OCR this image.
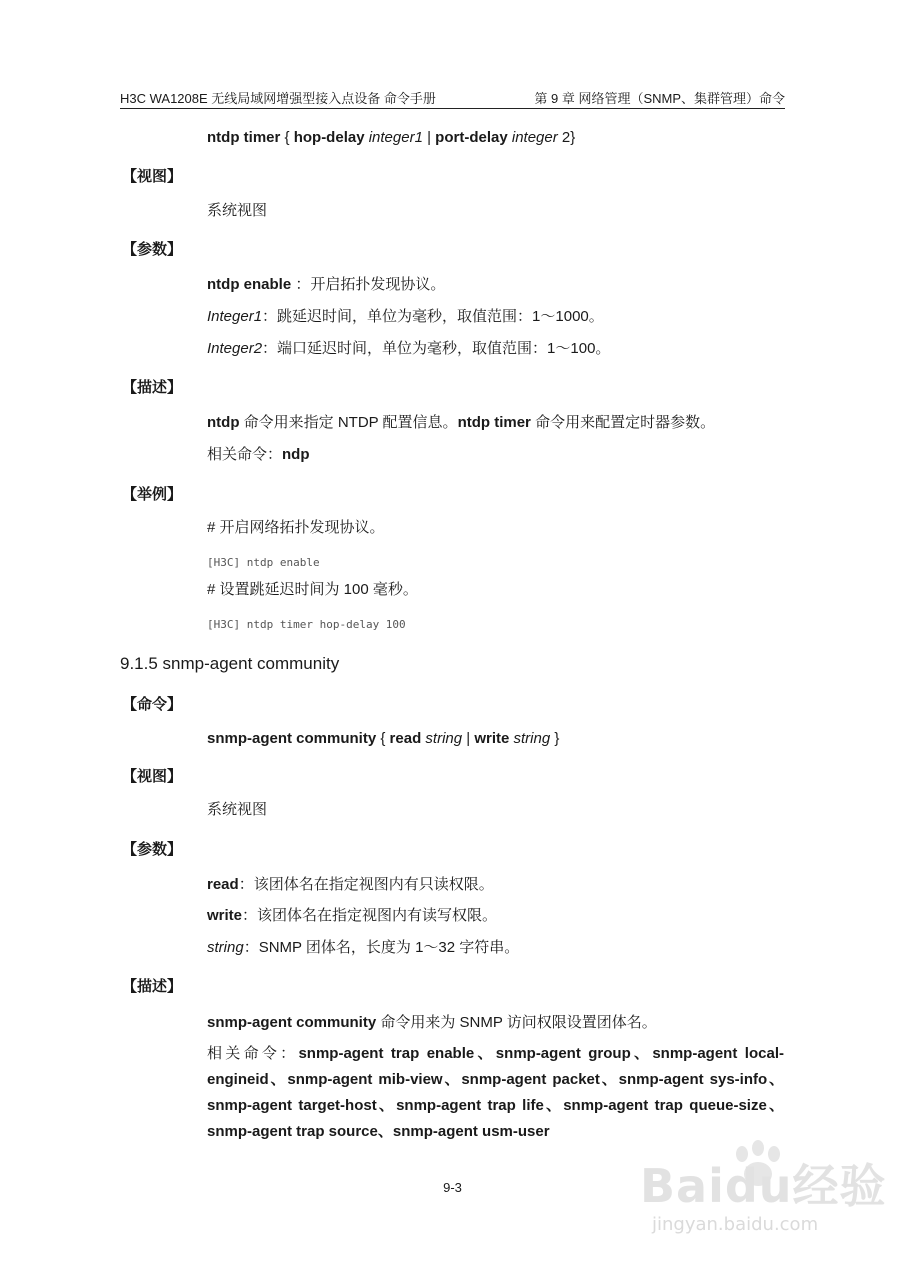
H3C WA1208E 无线局域网增强型接入点设备 命令手册	第 9 章 网络管理（SNMP、集群管理）命令
ntdp timer { hop-delay integer1 | port-delay integer 2}
【视图】
系统视图
【参数】
ntdp enable ：开启拓扑发现协议。
Integer1：跳延迟时间，单位为毫秒，取值范围：1～1000。
Integer2：端口延迟时间，单位为毫秒，取值范围：1～100。
【描述】
ntdp 命令用来指定 NTDP 配置信息。ntdp timer 命令用来配置定时器参数。
相关命令：ndp
【举例】
# 开启网络拓扑发现协议。
[H3C] ntdp enable
# 设置跳延迟时间为 100 毫秒。
[H3C] ntdp timer hop-delay 100
9.1.5 snmp-agent community
【命令】
snmp-agent community { read string | write string }
【视图】
系统视图
【参数】
read：该团体名在指定视图内有只读权限。
write：该团体名在指定视图内有读写权限。
string：SNMP 团体名，长度为 1～32 字符串。
【描述】
snmp-agent community 命令用来为 SNMP 访问权限设置团体名。
相关命令：snmp-agent trap enable、snmp-agent group、snmp-agent local-engineid、snmp-agent mib-view、snmp-agent packet、snmp-agent sys-info、snmp-agent target-host、snmp-agent trap life、snmp-agent trap queue-size、snmp-agent trap source、snmp-agent usm-user
9-3	Baidu经验
jingyan.baidu.com
